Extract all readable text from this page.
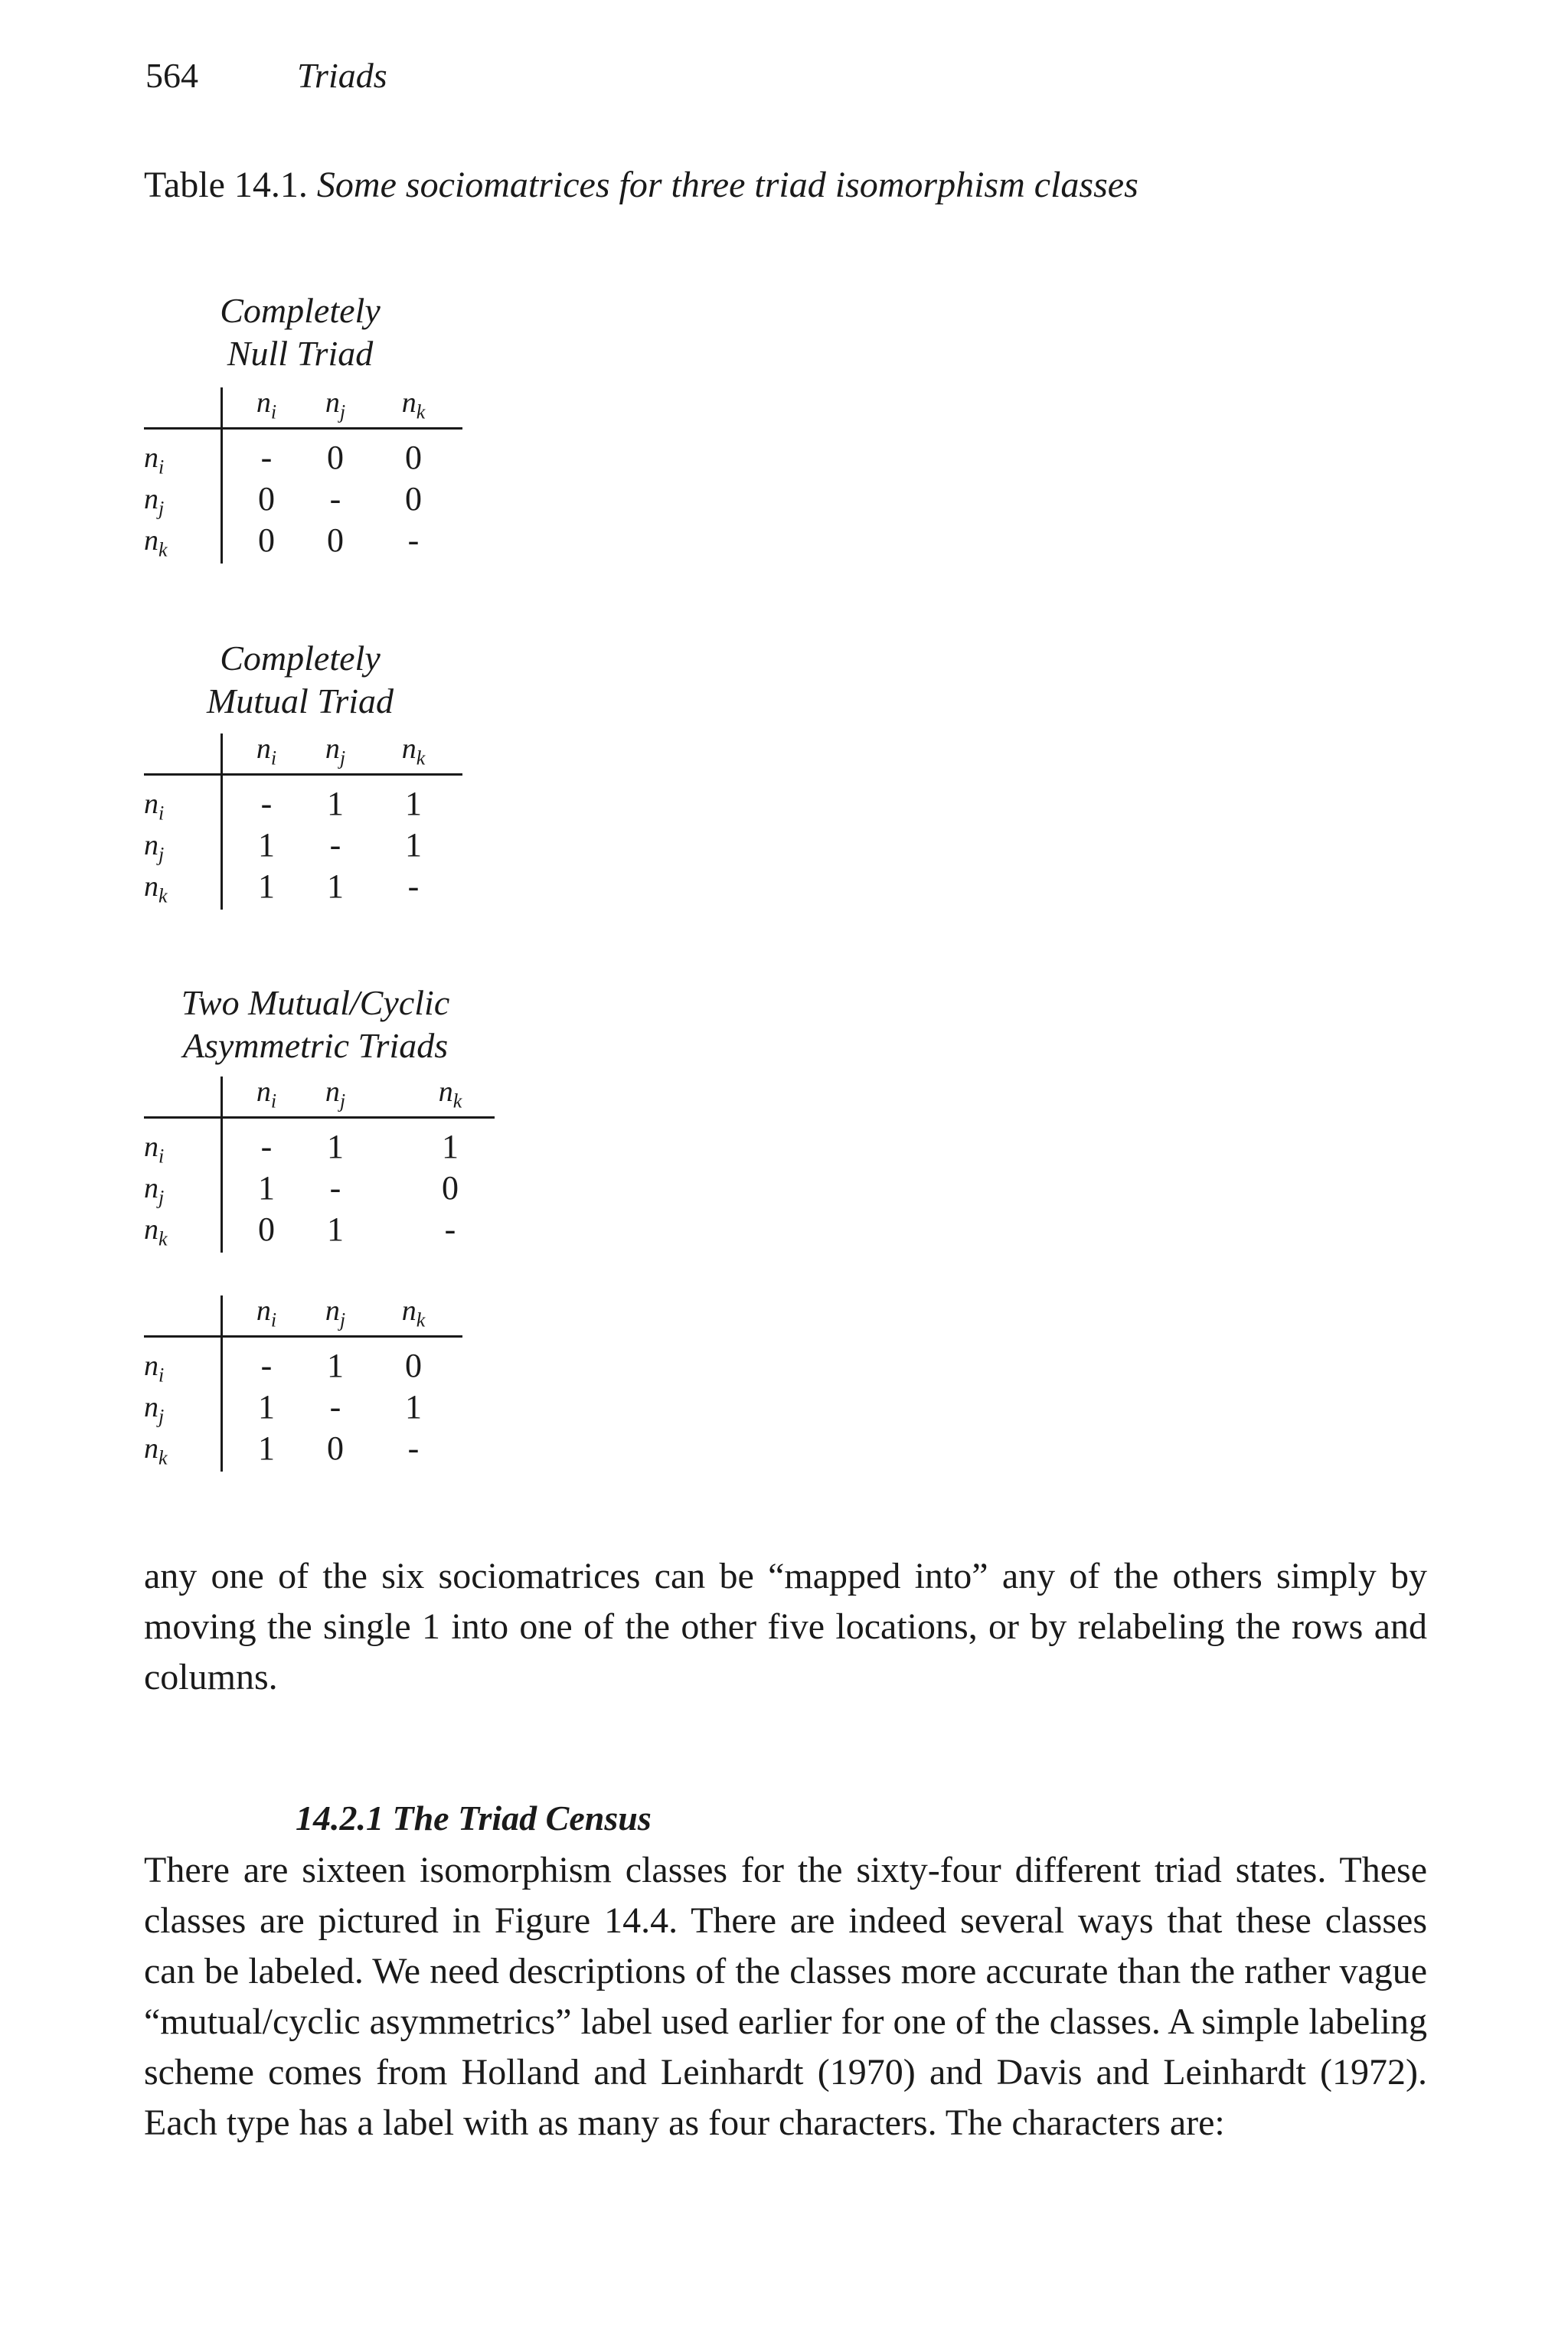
564	Triads
Table 14.1. Some sociomatrices for three triad isomorphism classes
Completely
Null Triad
$n_i$	$n_j$	$n_k$
$n_i$	-	0	0
$n_j$	0	-	0
$n_k$	0	0	-
Completely
Mutual Triad
$n_i$	$n_j$	$n_k$
$n_i$	-	1	1
$n_j$	1	-	1
$n_k$	1	1	-
Two Mutual/Cyclic
Asymmetric Triads
$n_i$	$n_j$	$n_k$
$n_i$	-	1	1
$n_j$	1	-	0
$n_k$	0	1	-
$n_i$	$n_j$	$n_k$
$n_i$	-	1	0
$n_j$	1	-	1
$n_k$	1	0	-
any one of the six sociomatrices can be “mapped into” any of the others simply by moving the single 1 into one of the other five locations, or by relabeling the rows and columns.
14.2.1 The Triad Census
There are sixteen isomorphism classes for the sixty-four different triad states. These classes are pictured in Figure 14.4. There are indeed several ways that these classes can be labeled. We need descriptions of the classes more accurate than the rather vague “mutual/cyclic asymmetrics” label used earlier for one of the classes. A simple labeling scheme comes from Holland and Leinhardt (1970) and Davis and Leinhardt (1972). Each type has a label with as many as four characters. The characters are:
